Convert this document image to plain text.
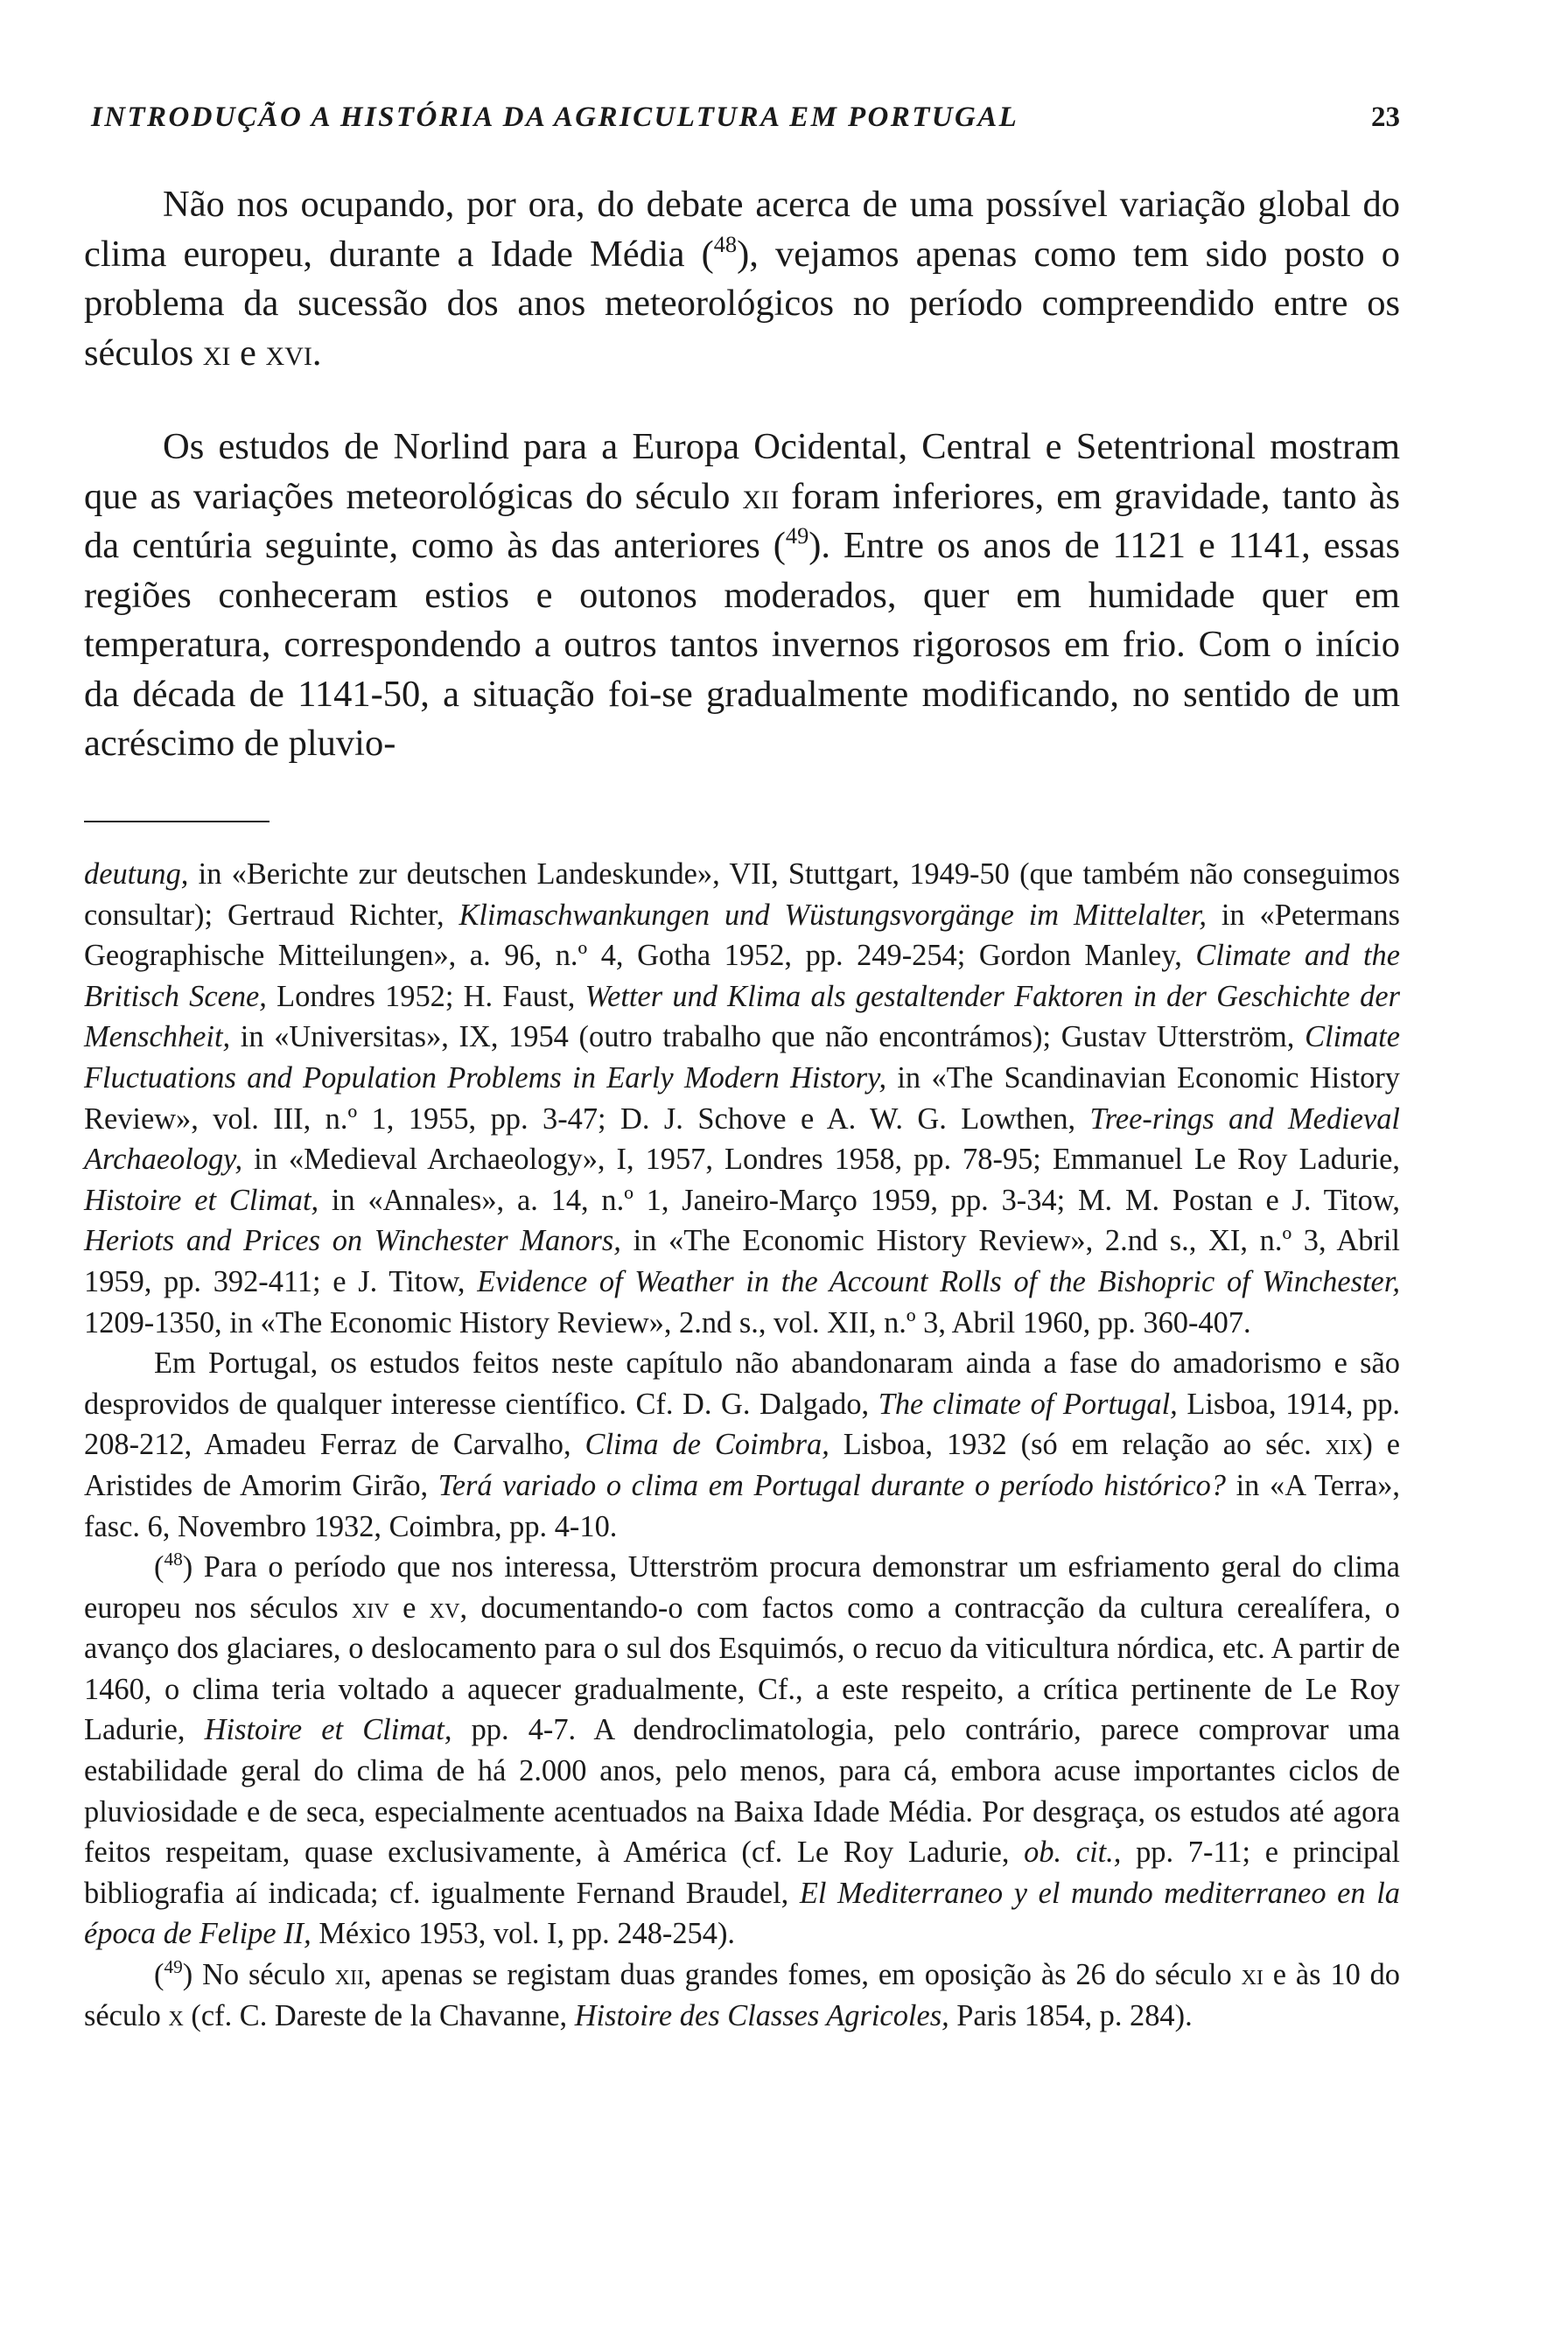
INTRODUÇÃO A HISTÓRIA DA AGRICULTURA EM PORTUGAL	23

Não nos ocupando, por ora, do debate acerca de uma possível variação global do clima europeu, durante a Idade Média ($^{48}$), vejamos apenas como tem sido posto o problema da sucessão dos anos meteorológicos no período compreendido entre os séculos xi e xvi.

Os estudos de Norlind para a Europa Ocidental, Central e Setentrional mostram que as variações meteorológicas do século xii foram inferiores, em gravidade, tanto às da centúria seguinte, como às das anteriores ($^{49}$). Entre os anos de 1121 e 1141, essas regiões conheceram estios e outonos moderados, quer em humidade quer em temperatura, correspondendo a outros tantos invernos rigorosos em frio. Com o início da década de 1141-50, a situação foi-se gradualmente modificando, no sentido de um acréscimo de pluvio-

deutung, in «Berichte zur deutschen Landeskunde», VII, Stuttgart, 1949-50 (que também não conseguimos consultar); Gertraud Richter, Klimaschwankungen und Wüstungsvorgänge im Mittelalter, in «Petermans Geographische Mitteilungen», a. 96, n.º 4, Gotha 1952, pp. 249-254; Gordon Manley, Climate and the Britisch Scene, Londres 1952; H. Faust, Wetter und Klima als gestaltender Faktoren in der Geschichte der Menschheit, in «Universitas», IX, 1954 (outro trabalho que não encontrámos); Gustav Utterström, Climate Fluctuations and Population Problems in Early Modern History, in «The Scandinavian Economic History Review», vol. III, n.º 1, 1955, pp. 3-47; D. J. Schove e A. W. G. Lowthen, Tree-rings and Medieval Archaeology, in «Medieval Archaeology», I, 1957, Londres 1958, pp. 78-95; Emmanuel Le Roy Ladurie, Histoire et Climat, in «Annales», a. 14, n.º 1, Janeiro-Março 1959, pp. 3-34; M. M. Postan e J. Titow, Heriots and Prices on Winchester Manors, in «The Economic History Review», 2.nd s., XI, n.º 3, Abril 1959, pp. 392-411; e J. Titow, Evidence of Weather in the Account Rolls of the Bishopric of Winchester, 1209-1350, in «The Economic History Review», 2.nd s., vol. XII, n.º 3, Abril 1960, pp. 360-407.

Em Portugal, os estudos feitos neste capítulo não abandonaram ainda a fase do amadorismo e são desprovidos de qualquer interesse científico. Cf. D. G. Dalgado, The climate of Portugal, Lisboa, 1914, pp. 208-212, Amadeu Ferraz de Carvalho, Clima de Coimbra, Lisboa, 1932 (só em relação ao séc. xix) e Aristides de Amorim Girão, Terá variado o clima em Portugal durante o período histórico? in «A Terra», fasc. 6, Novembro 1932, Coimbra, pp. 4-10.

($^{48}$) Para o período que nos interessa, Utterström procura demonstrar um esfriamento geral do clima europeu nos séculos xiv e xv, documentando-o com factos como a contracção da cultura cerealífera, o avanço dos glaciares, o deslocamento para o sul dos Esquimós, o recuo da viticultura nórdica, etc. A partir de 1460, o clima teria voltado a aquecer gradualmente, Cf., a este respeito, a crítica pertinente de Le Roy Ladurie, Histoire et Climat, pp. 4-7. A dendroclimatologia, pelo contrário, parece comprovar uma estabilidade geral do clima de há 2.000 anos, pelo menos, para cá, embora acuse importantes ciclos de pluviosidade e de seca, especialmente acentuados na Baixa Idade Média. Por desgraça, os estudos até agora feitos respeitam, quase exclusivamente, à América (cf. Le Roy Ladurie, ob. cit., pp. 7-11; e principal bibliografia aí indicada; cf. igualmente Fernand Braudel, El Mediterraneo y el mundo mediterraneo en la época de Felipe II, México 1953, vol. I, pp. 248-254).

($^{49}$) No século xii, apenas se registam duas grandes fomes, em oposição às 26 do século xi e às 10 do século x (cf. C. Dareste de la Chavanne, Histoire des Classes Agricoles, Paris 1854, p. 284).
